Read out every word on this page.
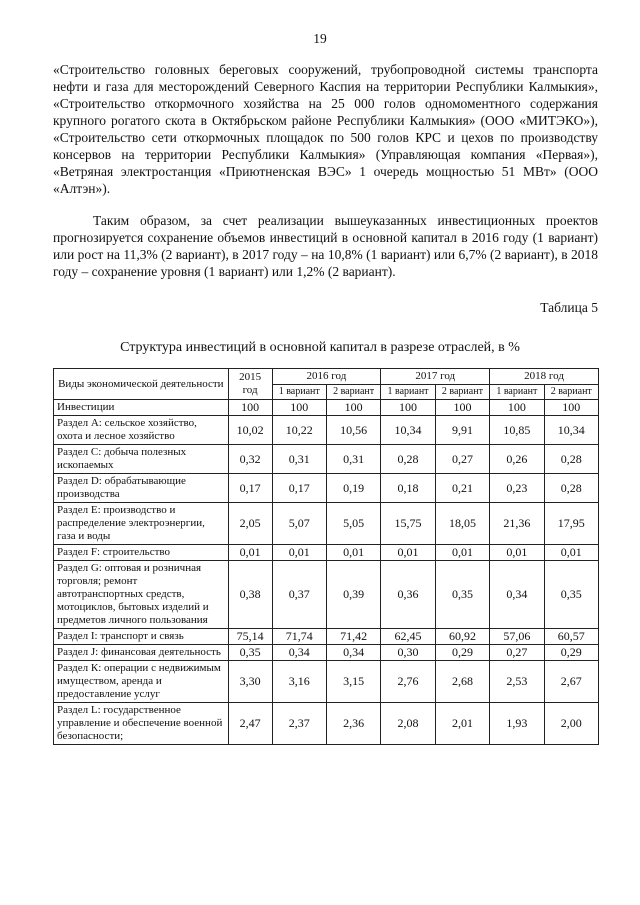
19
«Строительство головных береговых сооружений, трубопроводной системы транспорта нефти и газа для месторождений Северного Каспия на территории Республики Калмыкия», «Строительство откормочного хозяйства на 25 000 голов одномоментного содержания крупного рогатого скота в Октябрьском районе Республики Калмыкия» (ООО «МИТЭКО»), «Строительство сети откормочных площадок по 500 голов КРС и цехов по производству консервов на территории Республики Калмыкия» (Управляющая компания «Первая»), «Ветряная электростанция «Приютненская ВЭС» 1 очередь мощностью 51 МВт» (ООО «Алтэн»).
Таким образом, за счет реализации вышеуказанных инвестиционных проектов прогнозируется сохранение объемов инвестиций в основной капитал в 2016 году (1 вариант) или рост на 11,3% (2 вариант), в 2017 году – на 10,8% (1 вариант) или 6,7% (2 вариант), в 2018 году – сохранение уровня (1 вариант) или 1,2% (2 вариант).
Таблица 5
Структура инвестиций в основной капитал в разрезе отраслей, в %
Виды экономической деятельности	2015 год	2016 год		2017 год		2018 год	
		1 вариант	2 вариант	1 вариант	2 вариант	1 вариант	2 вариант
Инвестиции	100	100	100	100	100	100	100
Раздел А: сельское хозяйство, охота и лесное хозяйство	10,02	10,22	10,56	10,34	9,91	10,85	10,34
Раздел С: добыча полезных ископаемых	0,32	0,31	0,31	0,28	0,27	0,26	0,28
Раздел D: обрабатывающие производства	0,17	0,17	0,19	0,18	0,21	0,23	0,28
Раздел Е: производство и распределение электроэнергии, газа и воды	2,05	5,07	5,05	15,75	18,05	21,36	17,95
Раздел F: строительство	0,01	0,01	0,01	0,01	0,01	0,01	0,01
Раздел G: оптовая и розничная торговля; ремонт автотранспортных средств, мотоциклов, бытовых изделий и предметов личного пользования	0,38	0,37	0,39	0,36	0,35	0,34	0,35
Раздел I: транспорт и связь	75,14	71,74	71,42	62,45	60,92	57,06	60,57
Раздел J: финансовая деятельность	0,35	0,34	0,34	0,30	0,29	0,27	0,29
Раздел К: операции с недвижимым имуществом, аренда и предоставление услуг	3,30	3,16	3,15	2,76	2,68	2,53	2,67
Раздел L: государственное управление и обеспечение военной безопасности;	2,47	2,37	2,36	2,08	2,01	1,93	2,00
